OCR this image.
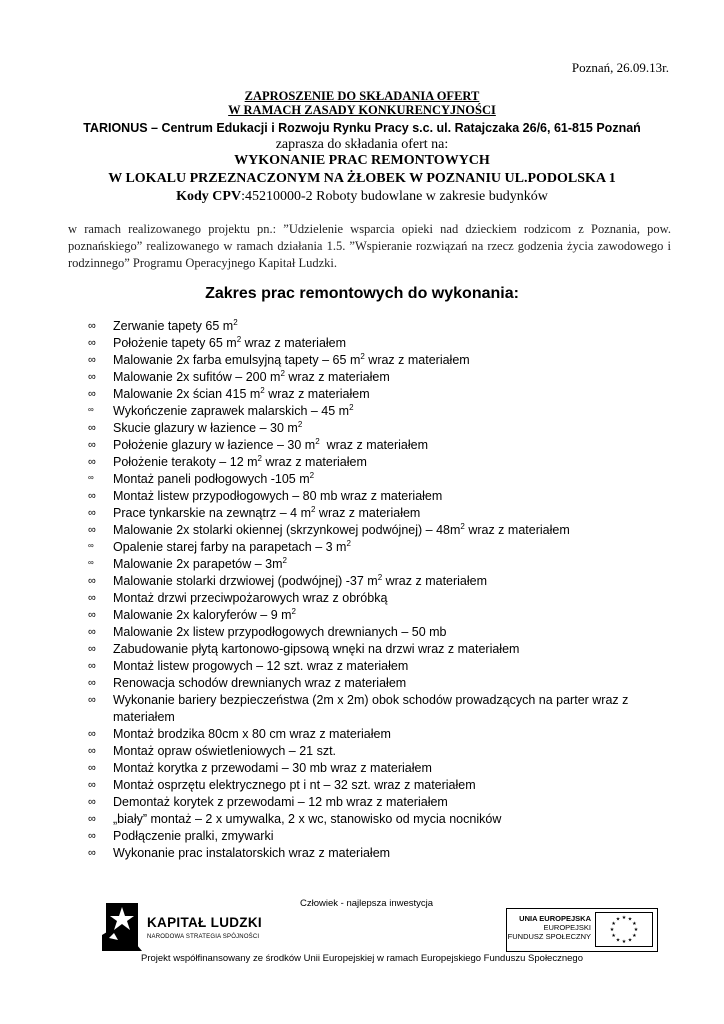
Poznań, 26.09.13r.
ZAPROSZENIE DO SKŁADANIA OFERT
W RAMACH ZASADY KONKURENCYJNOŚCI
TARIONUS – Centrum Edukacji i Rozwoju Rynku Pracy s.c. ul. Ratajczaka 26/6, 61-815 Poznań
zaprasza do składania ofert na:
WYKONANIE PRAC REMONTOWYCH
W LOKALU PRZEZNACZONYM NA ŻŁOBEK W POZNANIU UL.PODOLSKA 1
Kody CPV:45210000-2 Roboty budowlane w zakresie budynków
w ramach realizowanego projektu pn.: ”Udzielenie wsparcia opieki nad dzieckiem rodzicom z Poznania, pow. poznańskiego” realizowanego w ramach działania 1.5. ”Wspieranie rozwiązań na rzecz godzenia życia zawodowego i rodzinnego” Programu Operacyjnego Kapitał Ludzki.
Zakres prac remontowych do wykonania:
∞ Zerwanie tapety 65 $m^2$
∞ Położenie tapety 65 $m^2$ wraz z materiałem
∞ Malowanie 2x farba emulsyjną tapety – 65 $m^2$ wraz z materiałem
∞ Malowanie 2x sufitów – 200 $m^2$ wraz z materiałem
∞ Malowanie 2x ścian 415 $m^2$ wraz z materiałem
∞ Wykończenie zaprawek malarskich – 45 $m^2$
∞ Skucie glazury w łazience – 30 $m^2$
∞ Położenie glazury w łazience – 30 $m^2$  wraz z materiałem
∞ Położenie terakoty – 12 $m^2$ wraz z materiałem
∞ Montaż paneli podłogowych -105 $m^2$
∞ Montaż listew przypodłogowych – 80 mb wraz z materiałem
∞ Prace tynkarskie na zewnątrz – 4 $m^2$ wraz z materiałem
∞ Malowanie 2x stolarki okiennej (skrzynkowej podwójnej) – $48m^2$ wraz z materiałem
∞ Opalenie starej farby na parapetach – 3 $m^2$
∞ Malowanie 2x parapetów – $3m^2$
∞ Malowanie stolarki drzwiowej (podwójnej) -37 $m^2$ wraz z materiałem
∞ Montaż drzwi przeciwpożarowych wraz z obróbką
∞ Malowanie 2x kaloryferów – 9 $m^2$
∞ Malowanie 2x listew przypodłogowych drewnianych – 50 mb
∞ Zabudowanie płytą kartonowo-gipsową wnęki na drzwi wraz z materiałem
∞ Montaż listew progowych – 12 szt. wraz z materiałem
∞ Renowacja schodów drewnianych wraz z materiałem
∞ Wykonanie bariery bezpieczeństwa (2m x 2m) obok schodów prowadzących na parter wraz z materiałem
∞ Montaż brodzika 80cm x 80 cm wraz z materiałem
∞ Montaż opraw oświetleniowych – 21 szt.
∞ Montaż korytka z przewodami – 30 mb wraz z materiałem
∞ Montaż osprzętu elektrycznego pt i nt – 32 szt. wraz z materiałem
∞ Demontaż korytek z przewodami – 12 mb wraz z materiałem
∞ „biały” montaż – 2 x umywalka, 2 x wc, stanowisko od mycia nocników
∞ Podłączenie pralki, zmywarki
∞ Wykonanie prac instalatorskich wraz z materiałem
Człowiek - najlepsza inwestycja
KAPITAŁ LUDZKI
NARODOWA STRATEGIA SPÓJNOŚCI
UNIA EUROPEJSKA
EUROPEJSKI
FUNDUSZ SPOŁECZNY
★ ★
★
★
★
★
★
★
★
★
★
★
Projekt współfinansowany ze środków Unii Europejskiej w ramach Europejskiego Funduszu Społecznego
